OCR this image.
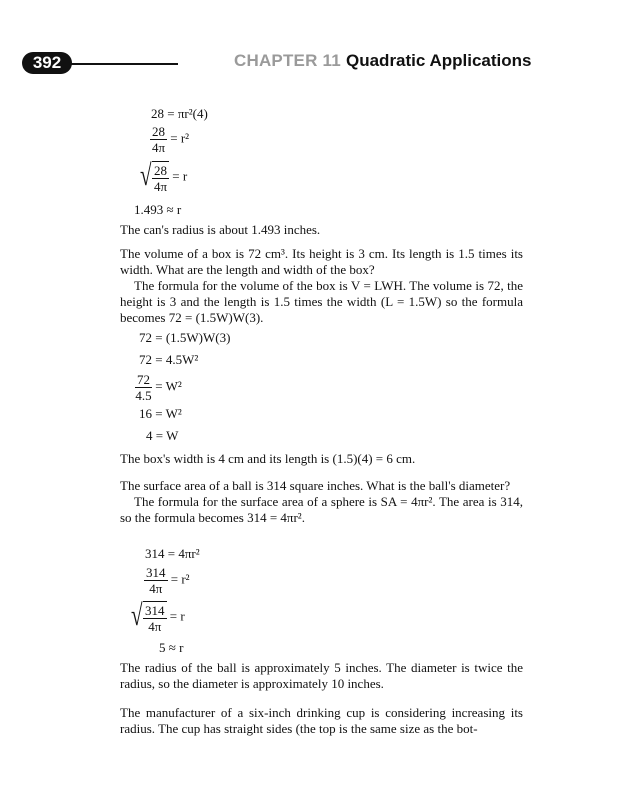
392	CHAPTER 11 Quadratic Applications
28 = πr²(4)
$\frac{28}{4\pi} = r^2$
√ $\frac{28}{4\pi} = r$
1.493 ≈ r

The can's radius is about 1.493 inches.

The volume of a box is 72 cm³. Its height is 3 cm. Its length is 1.5 times its width. What are the length and width of the box?

The formula for the volume of the box is V = LWH. The volume is 72, the height is 3 and the length is 1.5 times the width (L = 1.5W) so the formula becomes 72 = (1.5W)W(3).

72 = (1.5W)W(3)
72 = 4.5W²
$\frac{72}{4.5} = W^2$
16 = W²
4 = W

The box's width is 4 cm and its length is (1.5)(4) = 6 cm.

The surface area of a ball is 314 square inches. What is the ball's diameter?

The formula for the surface area of a sphere is SA = 4πr². The area is 314, so the formula becomes 314 = 4πr².

314 = 4πr²
$\frac{314}{4\pi} = r^2$
√ $\frac{314}{4\pi} = r$
5 ≈ r

The radius of the ball is approximately 5 inches. The diameter is twice the radius, so the diameter is approximately 10 inches.

The manufacturer of a six-inch drinking cup is considering increasing its radius. The cup has straight sides (the top is the same size as the bot-
